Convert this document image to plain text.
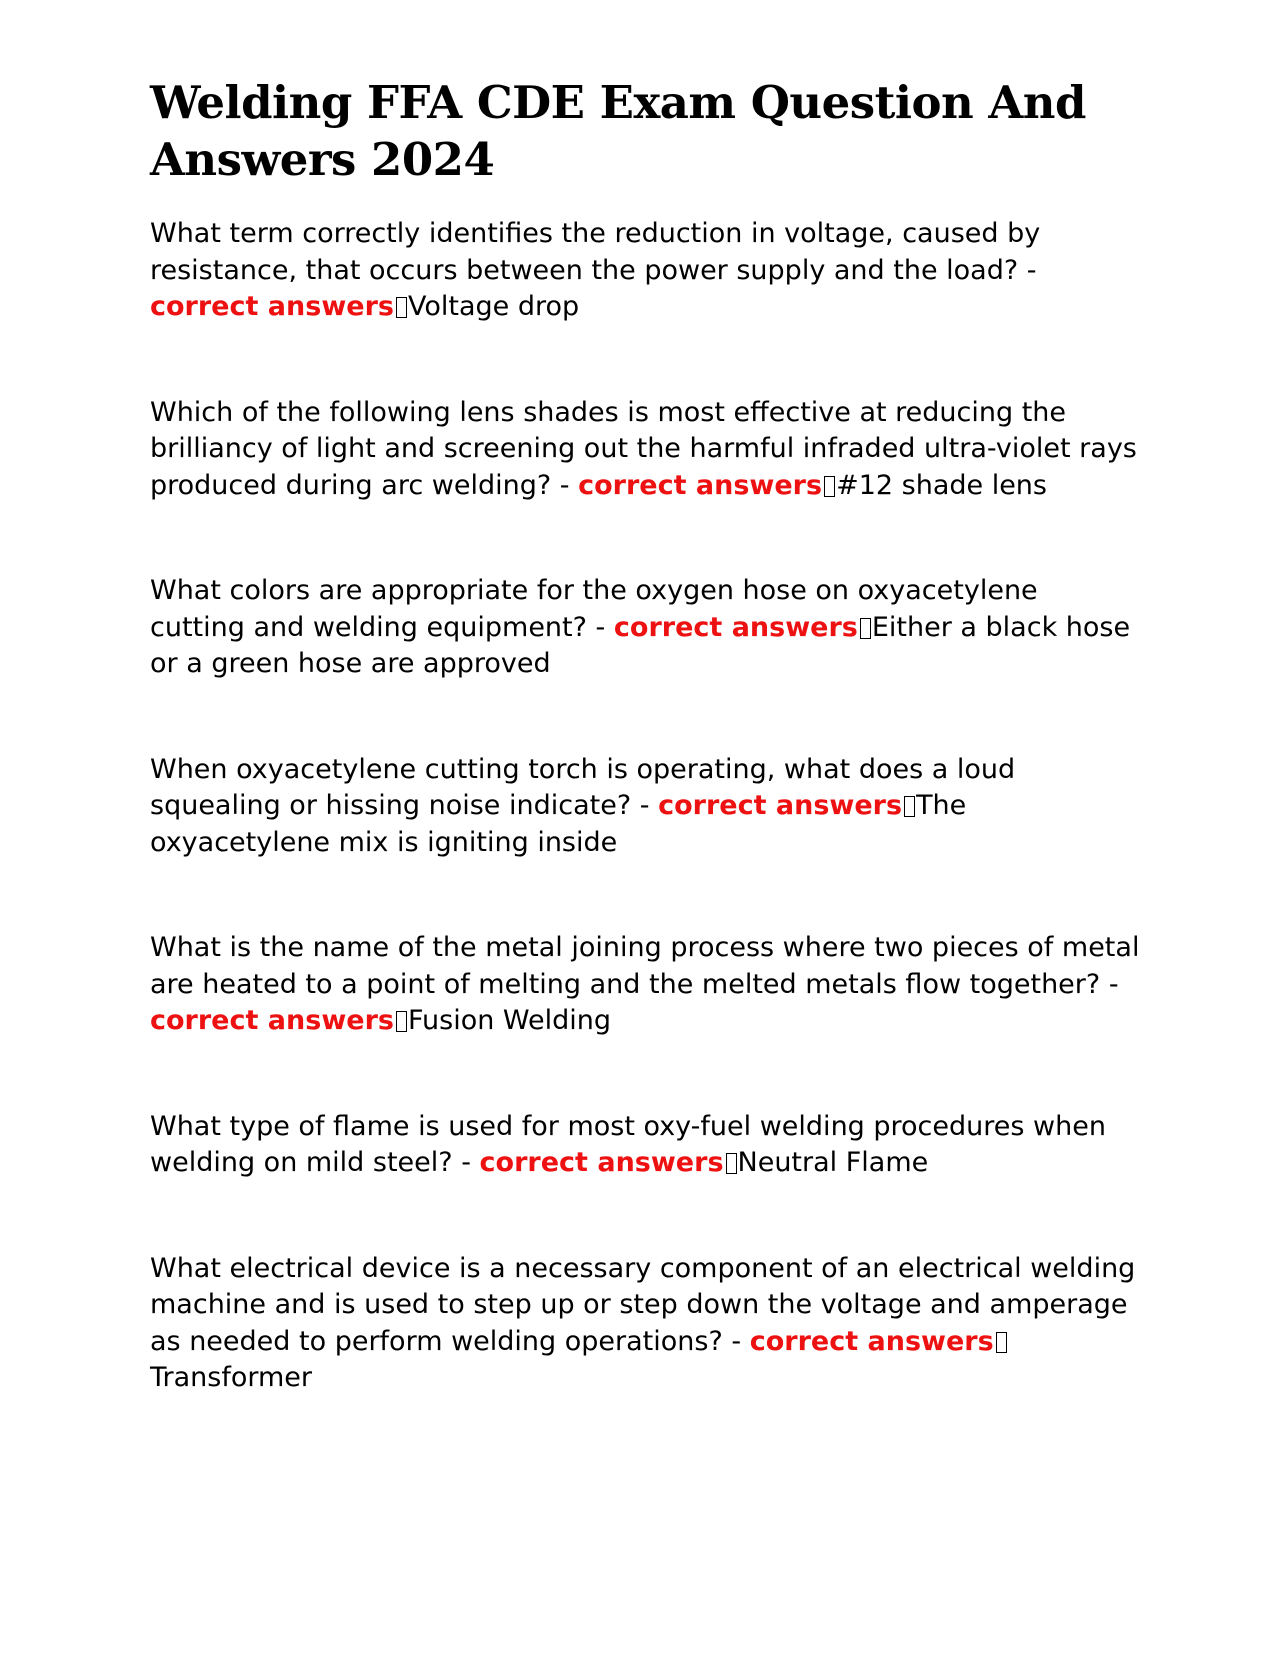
Welding FFA CDE Exam Question And Answers 2024

What term correctly identifies the reduction in voltage, caused by resistance, that occurs between the power supply and the load? - correct answers Voltage drop

Which of the following lens shades is most effective at reducing the brilliancy of light and screening out the harmful infraded ultra-violet rays produced during arc welding? - correct answers #12 shade lens

What colors are appropriate for the oxygen hose on oxyacetylene cutting and welding equipment? - correct answers Either a black hose or a green hose are approved

When oxyacetylene cutting torch is operating, what does a loud squealing or hissing noise indicate? - correct answers The oxyacetylene mix is igniting inside

What is the name of the metal joining process where two pieces of metal are heated to a point of melting and the melted metals flow together? - correct answers Fusion Welding

What type of flame is used for most oxy-fuel welding procedures when welding on mild steel? - correct answers Neutral Flame

What electrical device is a necessary component of an electrical welding machine and is used to step up or step down the voltage and amperage as needed to perform welding operations? - correct answersTransformer
